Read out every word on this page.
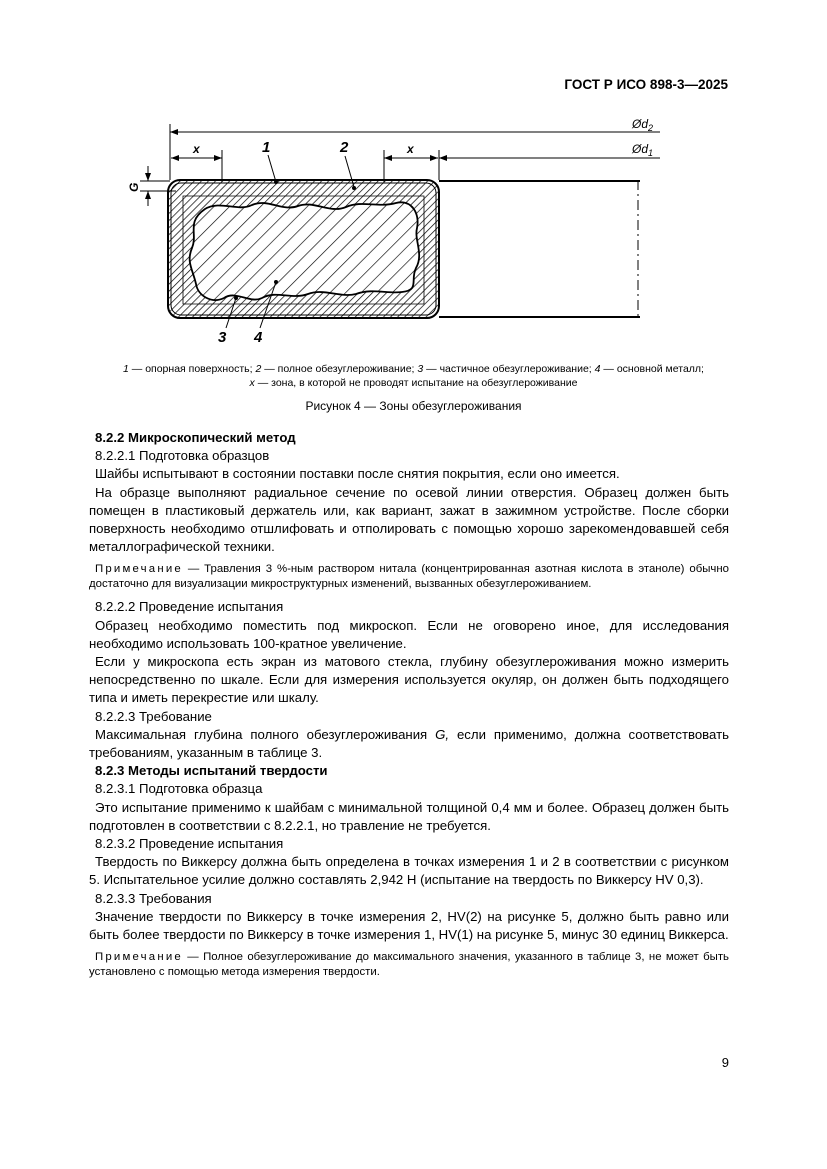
ГОСТ Р ИСО 898-3—2025
$Ød_2$
$Ød_1$
x	x
G
1	2
3 4
1 — опорная поверхность; 2 — полное обезуглероживание; 3 — частичное обезуглероживание; 4 — основной металл;
x — зона, в которой не проводят испытание на обезуглероживание
Рисунок 4 — Зоны обезуглероживания

8.2.2 Микроскопический метод

8.2.2.1 Подготовка образцов

Шайбы испытывают в состоянии поставки после снятия покрытия, если оно имеется.

На образце выполняют радиальное сечение по осевой линии отверстия. Образец должен быть помещен в пластиковый держатель или, как вариант, зажат в зажимном устройстве. После сборки поверхность необходимо отшлифовать и отполировать с помощью хорошо зарекомендовавшей себя металлографической техники.

Примечание — Травления 3 %-ным раствором нитала (концентрированная азотная кислота в этаноле) обычно достаточно для визуализации микроструктурных изменений, вызванных обезуглероживанием.

8.2.2.2 Проведение испытания

Образец необходимо поместить под микроскоп. Если не оговорено иное, для исследования необходимо использовать 100-кратное увеличение.

Если у микроскопа есть экран из матового стекла, глубину обезуглероживания можно измерить непосредственно по шкале. Если для измерения используется окуляр, он должен быть подходящего типа и иметь перекрестие или шкалу.

8.2.2.3 Требование

Максимальная глубина полного обезуглероживания G, если применимо, должна соответствовать требованиям, указанным в таблице 3.

8.2.3 Методы испытаний твердости

8.2.3.1 Подготовка образца

Это испытание применимо к шайбам с минимальной толщиной 0,4 мм и более. Образец должен быть подготовлен в соответствии с 8.2.2.1, но травление не требуется.

8.2.3.2 Проведение испытания

Твердость по Виккерсу должна быть определена в точках измерения 1 и 2 в соответствии с рисунком 5. Испытательное усилие должно составлять 2,942 Н (испытание на твердость по Виккерсу HV 0,3).

8.2.3.3 Требования

Значение твердости по Виккерсу в точке измерения 2, HV(2) на рисунке 5, должно быть равно или быть более твердости по Виккерсу в точке измерения 1, HV(1) на рисунке 5, минус 30 единиц Виккерса.

Примечание — Полное обезуглероживание до максимального значения, указанного в таблице 3, не может быть установлено с помощью метода измерения твердости.

9
